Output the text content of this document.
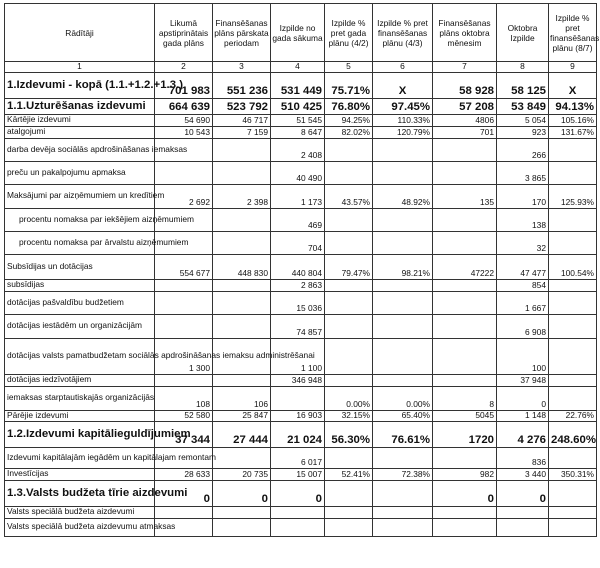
Rādītāji	Likumā apstiprinātais gada plāns	Finansēšanas plāns pārskata periodam	Izpilde no gada sākuma	Izpilde % pret gada plānu (4/2)	Izpilde % pret finansēšanas plānu (4/3)	Finansēšanas plāns oktobra mēnesim	Oktobra Izpilde	Izpilde % pret finansēšanas plānu (8/7)
1	2	3	4	5	6	7	8	9
1.Izdevumi - kopā (1.1.+1.2.+1.3.)	701 983	551 236	531 449	75.71%	X	58 928	58 125	X
1.1.Uzturēšanas izdevumi	664 639	523 792	510 425	76.80%	97.45%	57 208	53 849	94.13%
Kārtējie izdevumi	54 690	46 717	51 545	94.25%	110.33%	4806	5 054	105.16%
atalgojumi	10 543	7 159	8 647	82.02%	120.79%	701	923	131.67%
darba devēja sociālās apdrošināšanas iemaksas			2 408				266	
preču un pakalpojumu apmaksa			40 490				3 865	
Maksājumi par aizņēmumiem un kredītiem	2 692	2 398	1 173	43.57%	48.92%	135	170	125.93%
procentu nomaksa par iekšējiem aizņēmumiem			469				138	
procentu nomaksa par ārvalstu aizņēmumiem			704				32	
Subsīdijas un dotācijas	554 677	448 830	440 804	79.47%	98.21%	47222	47 477	100.54%
subsīdijas			2 863				854	
dotācijas pašvaldību budžetiem			15 036				1 667	
dotācijas iestādēm un organizācijām			74 857				6 908	
dotācijas valsts pamatbudžetam sociālās apdrošināšanas iemaksu administrēšanai	1 300		1 100				100	
dotācijas iedzīvotājiem			346 948				37 948	
iemaksas starptautiskajās organizācijās	108	106		0.00%	0.00%	8	0	
Pārējie izdevumi	52 580	25 847	16 903	32.15%	65.40%	5045	1 148	22.76%
1.2.Izdevumi kapitālieguldījumiem	37 344	27 444	21 024	56.30%	76.61%	1720	4 276	248.60%
Izdevumi kapitālajām iegādēm un kapitālajam remontam			6 017				836	
Investīcijas	28 633	20 735	15 007	52.41%	72.38%	982	3 440	350.31%
1.3.Valsts budžeta tīrie aizdevumi	0	0	0			0	0	
Valsts speciālā budžeta aizdevumi								
Valsts speciālā budžeta aizdevumu atmaksas								
